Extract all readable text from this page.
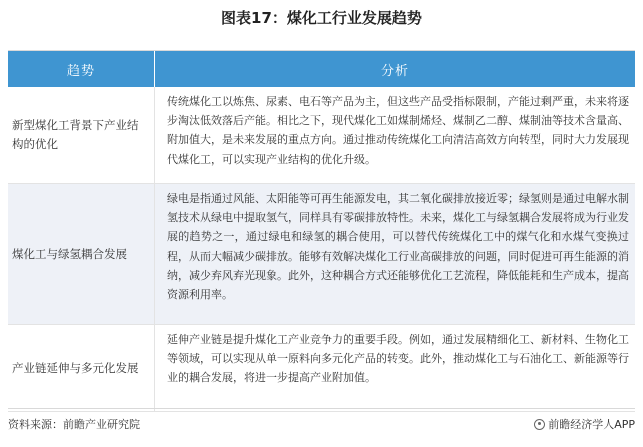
图表17：煤化工行业发展趋势
趋势	分析
新型煤化工背景下产业结构的优化
传统煤化工以炼焦、尿素、电石等产品为主，但这些产品受指标限制，产能过剩严重，未来将逐步淘汰低效落后产能。相比之下，现代煤化工如煤制烯烃、煤制乙二醇、煤制油等技术含量高、附加值大，是未来发展的重点方向。通过推动传统煤化工向清洁高效方向转型，同时大力发展现代煤化工，可以实现产业结构的优化升级。
煤化工与绿氢耦合发展
绿电是指通过风能、太阳能等可再生能源发电，其二氧化碳排放接近零；绿氢则是通过电解水制氢技术从绿电中提取氢气，同样具有零碳排放特性。未来，煤化工与绿氢耦合发展将成为行业发展的趋势之一，通过绿电和绿氢的耦合使用，可以替代传统煤化工中的煤气化和水煤气变换过程，从而大幅减少碳排放。能够有效解决煤化工行业高碳排放的问题，同时促进可再生能源的消纳，减少弃风弃光现象。此外，这种耦合方式还能够优化工艺流程，降低能耗和生产成本，提高资源利用率。
产业链延伸与多元化发展
延伸产业链是提升煤化工产业竞争力的重要手段。例如，通过发展精细化工、新材料、生物化工等领域，可以实现从单一原料向多元化产品的转变。此外，推动煤化工与石油化工、新能源等行业的耦合发展，将进一步提高产业附加值。
资料来源：前瞻产业研究院	前瞻经济学人APP
